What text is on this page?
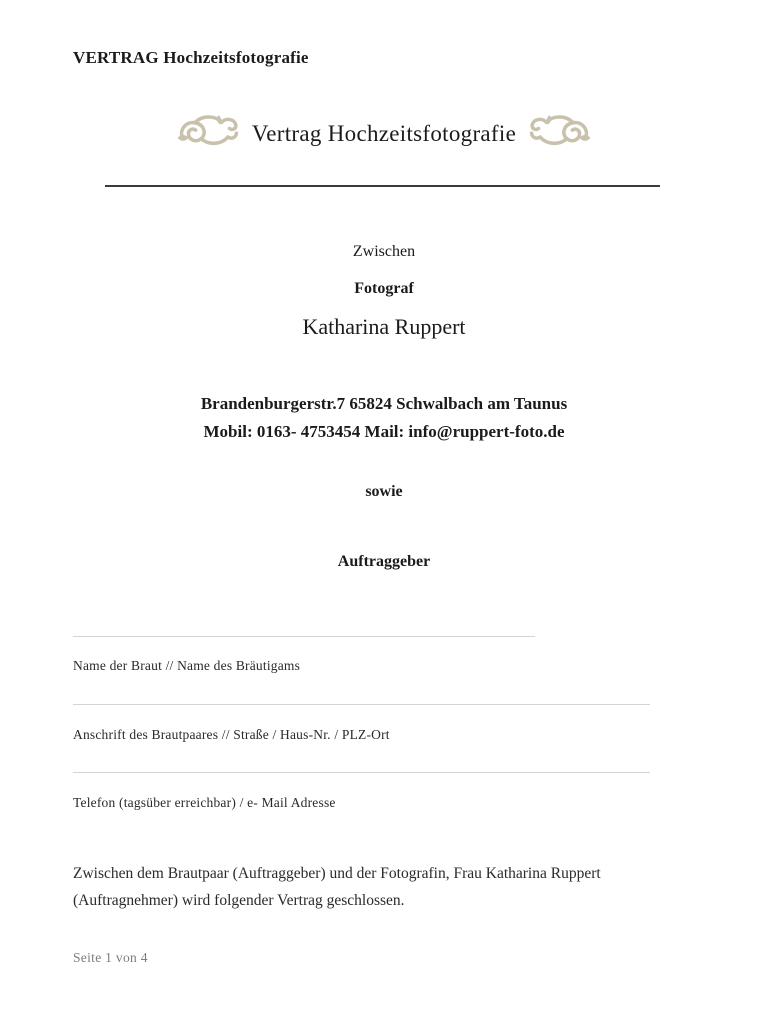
VERTRAG Hochzeitsfotografie
Vertrag Hochzeitsfotografie
Zwischen
Fotograf
Katharina Ruppert
Brandenburgerstr.7 65824 Schwalbach am Taunus
Mobil: 0163- 4753454 Mail: info@ruppert-foto.de
sowie
Auftraggeber
Name der Braut // Name des Bräutigams
Anschrift des Brautpaares // Straße / Haus-Nr. / PLZ-Ort
Telefon (tagsüber erreichbar) / e- Mail Adresse
Zwischen dem Brautpaar (Auftraggeber) und der Fotografin, Frau Katharina Ruppert (Auftragnehmer) wird folgender Vertrag geschlossen.
Seite 1 von 4
